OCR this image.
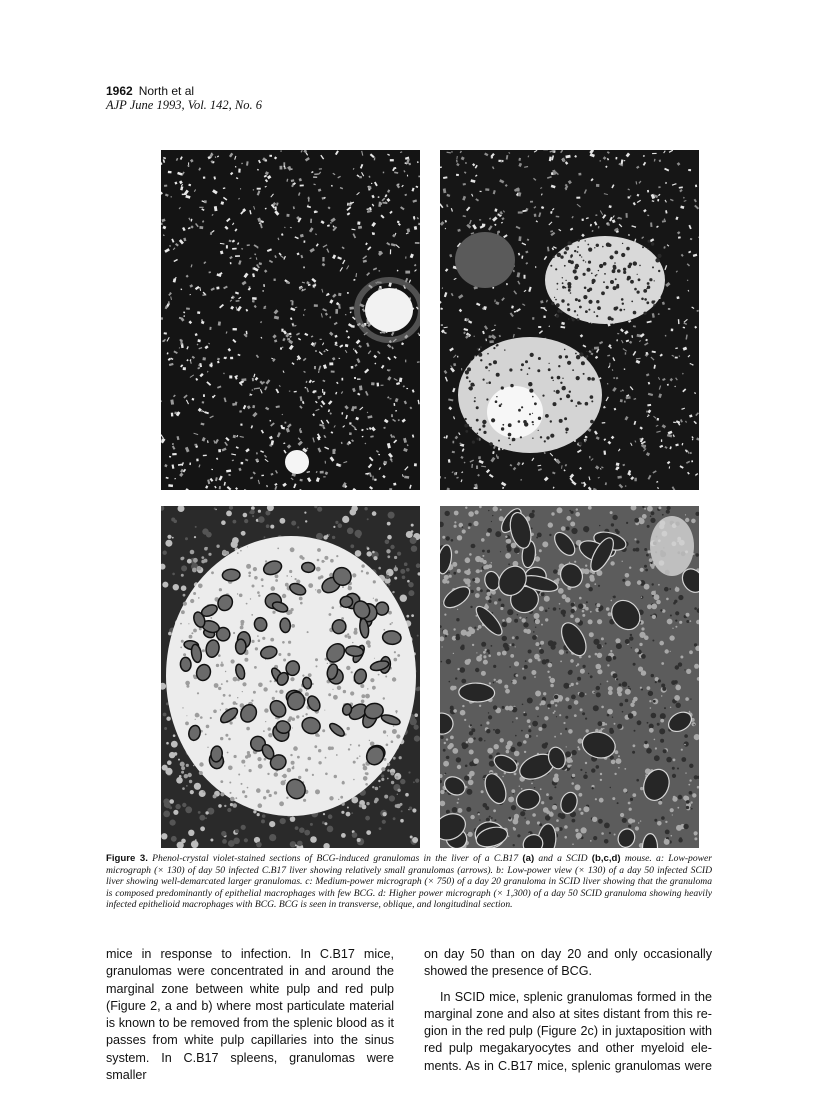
1962 North et al
AJP June 1993, Vol. 142, No. 6
Figure 3. Phenol-crystal violet-stained sections of BCG-induced granulomas in the liver of a C.B17 (a) and a SCID (b,c,d) mouse. a: Low-power micrograph (× 130) of day 50 infected C.B17 liver showing relatively small granulomas (arrows). b: Low-power view (× 130) of a day 50 infected SCID liver showing well-demarcated larger granulomas. c: Medium-power micrograph (× 750) of a day 20 granuloma in SCID liver showing that the granuloma is composed predominantly of epithelial macrophages with few BCG. d: Higher power micrograph (× 1,300) of a day 50 SCID granuloma showing heavily infected epithelioid macrophages with BCG. BCG is seen in transverse, oblique, and longitudinal section.

mice in response to infection. In C.B17 mice,
granulomas were concentrated in and around the
marginal zone between white pulp and red pulp
(Figure 2, a and b) where most particulate material
is known to be removed from the splenic blood as it
passes from white pulp capillaries into the sinus
system. In C.B17 spleens, granulomas were smaller

on day 50 than on day 20 and only occasionally
showed the presence of BCG.

In SCID mice, splenic granulomas formed in the
marginal zone and also at sites distant from this re-
gion in the red pulp (Figure 2c) in juxtaposition with
red pulp megakaryocytes and other myeloid ele-
ments. As in C.B17 mice, splenic granulomas were
